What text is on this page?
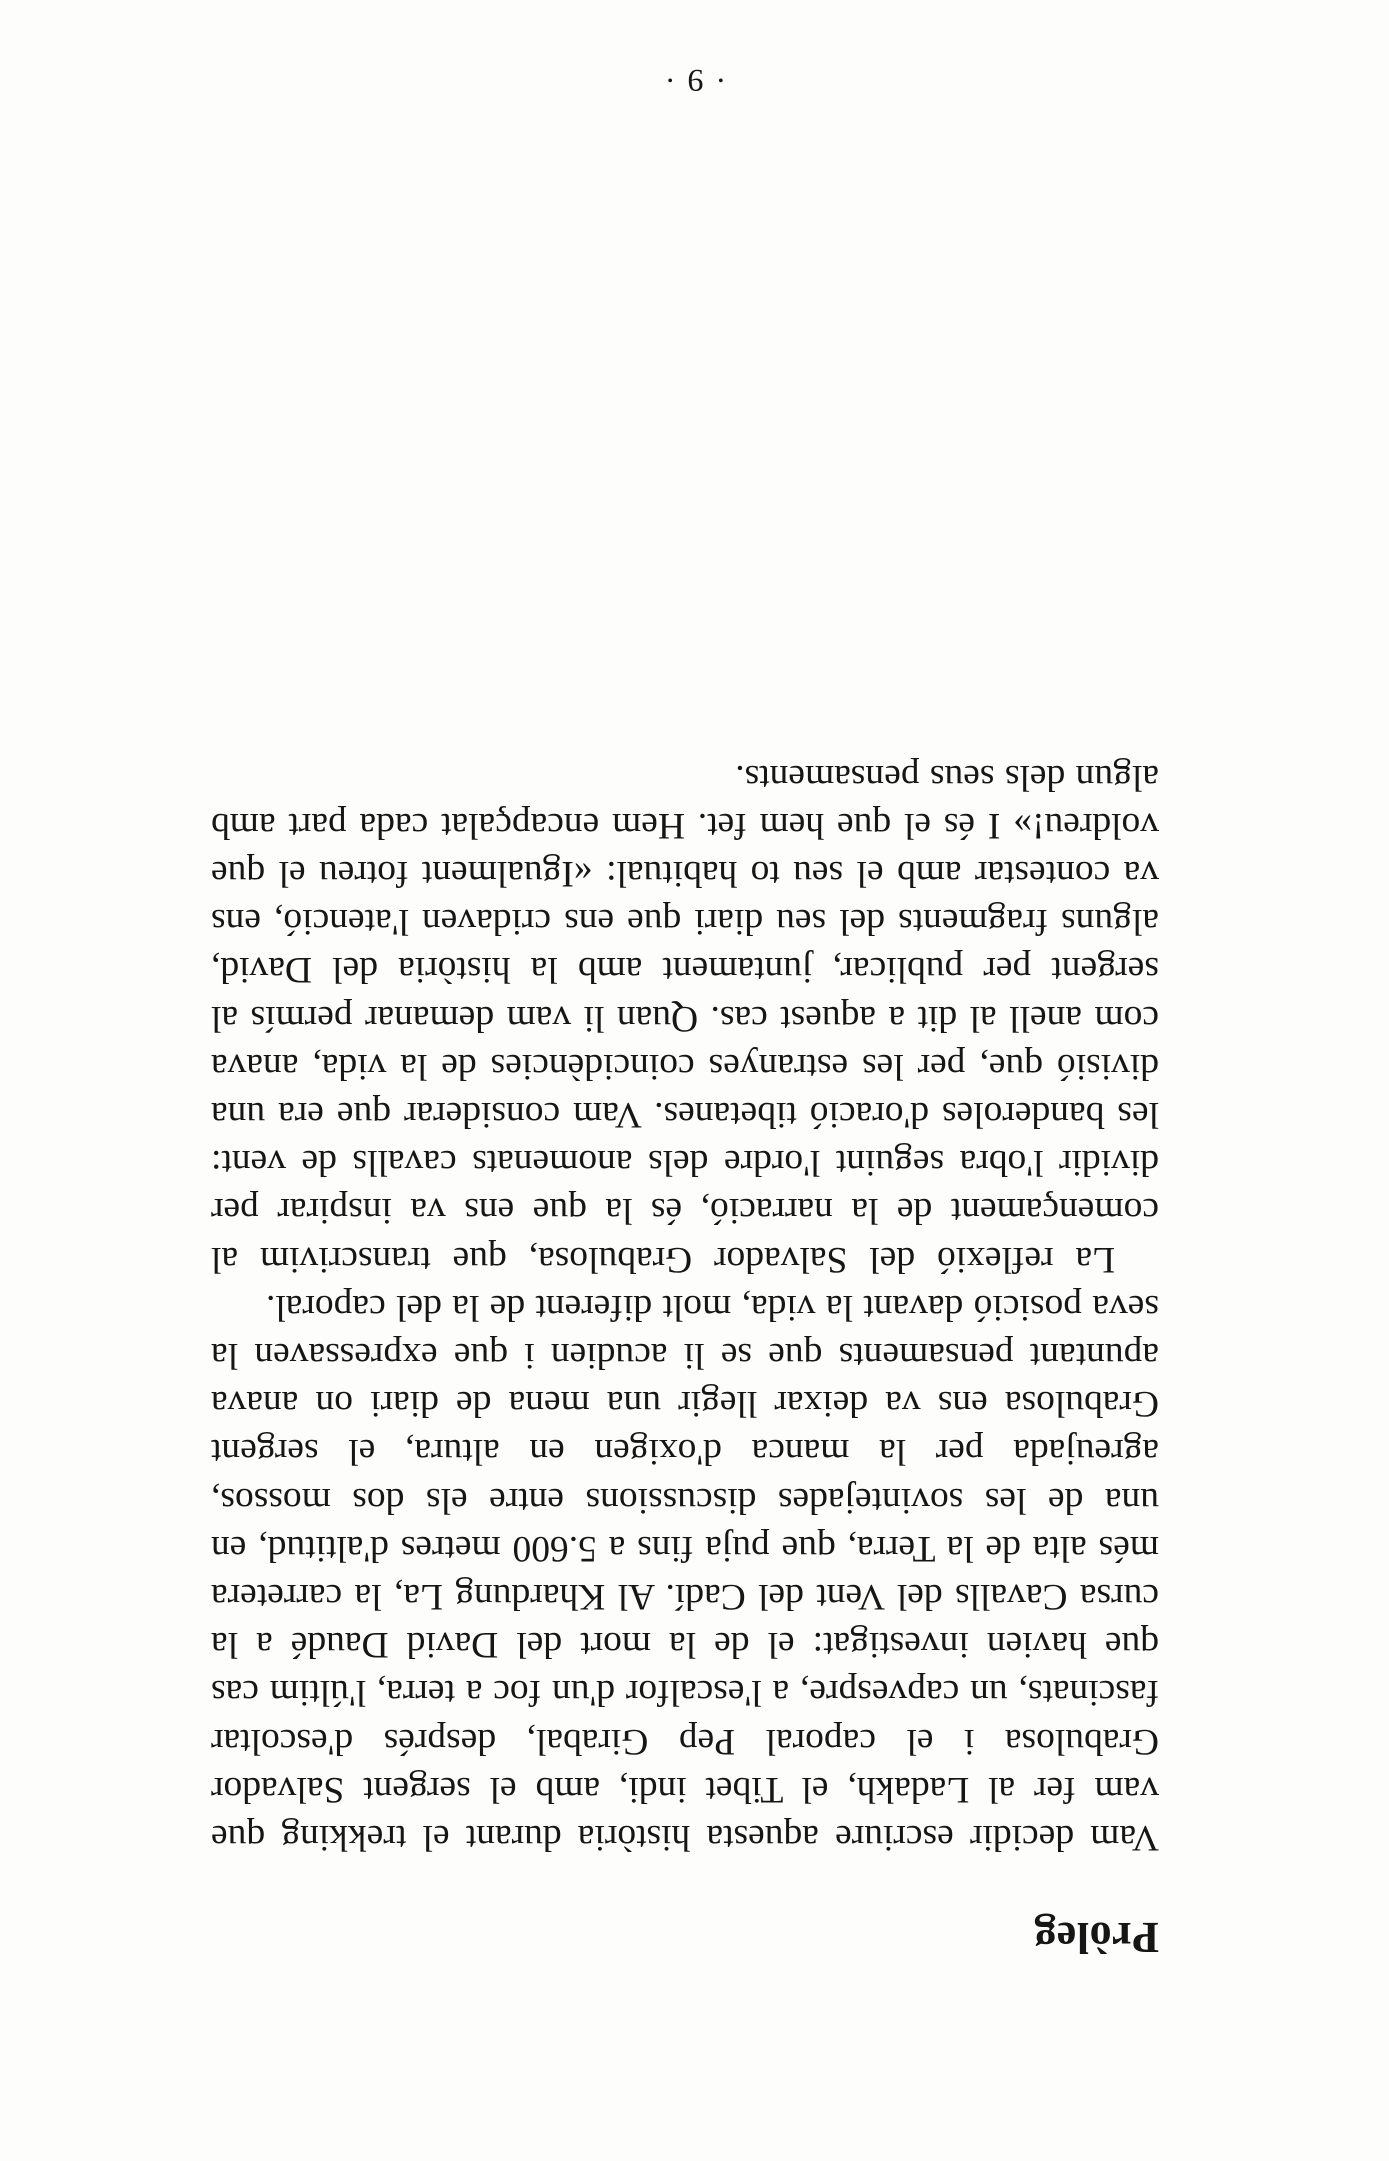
Pròleg

Vam decidir escriure aquesta història durant el trekking que vam fer al Ladakh, el Tibet indi, amb el sergent Salvador Grabulosa i el caporal Pep Girabal, després d'escoltar fascinats, un capvespre, a l'escalfor d'un foc a terra, l'últim cas que havien investigat: el de la mort del David Daudé a la cursa Cavalls del Vent del Cadí. Al Khardung La, la carretera més alta de la Terra, que puja fins a 5.600 metres d'altitud, en una de les sovintejades discussions entre els dos mossos, agreujada per la manca d'oxigen en altura, el sergent Grabulosa ens va deixar llegir una mena de diari on anava apuntant pensaments que se li acudien i que expressaven la seva posició davant la vida, molt diferent de la del caporal.

La reflexió del Salvador Grabulosa, que transcrivim al començament de la narració, és la que ens va inspirar per dividir l'obra seguint l'ordre dels anomenats cavalls de vent: les banderoles d'oració tibetanes. Vam considerar que era una divisió que, per les estranyes coincidències de la vida, anava com anell al dit a aquest cas. Quan li vam demanar permís al sergent per publicar, juntament amb la història del David, alguns fragments del seu diari que ens cridaven l'atenció, ens va contestar amb el seu to habitual: «Igualment fotreu el que voldreu!» I és el que hem fet. Hem encapçalat cada part amb algun dels seus pensaments.

· 9 ·
